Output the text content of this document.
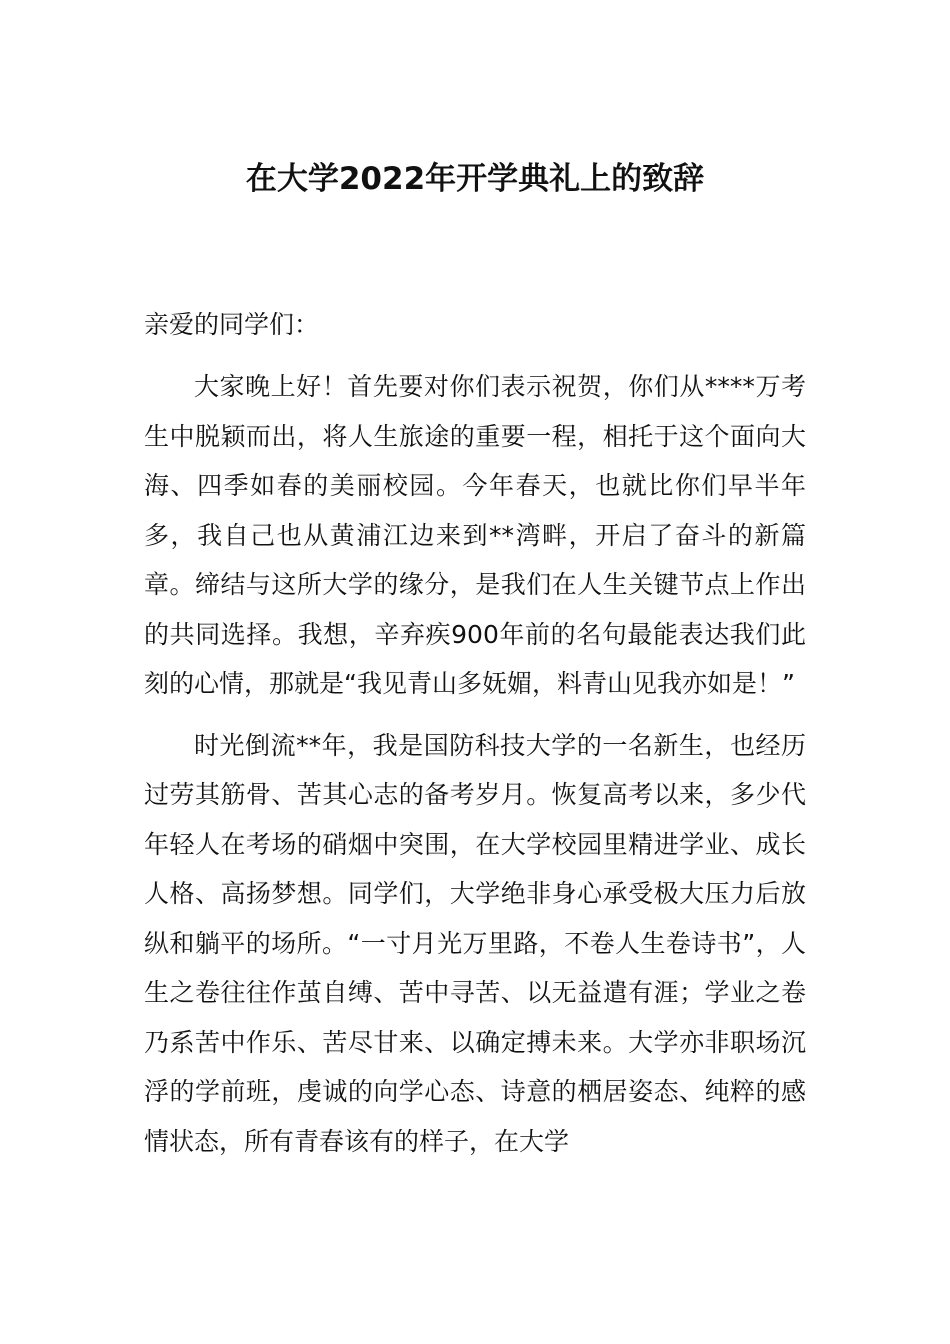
在大学2022年开学典礼上的致辞
亲爱的同学们：

大家晚上好！首先要对你们表示祝贺，你们从****万考生中脱颖而出，将人生旅途的重要一程，相托于这个面向大海、四季如春的美丽校园。今年春天，也就比你们早半年多，我自己也从黄浦江边来到**湾畔，开启了奋斗的新篇章。缔结与这所大学的缘分，是我们在人生关键节点上作出的共同选择。我想，辛弃疾900年前的名句最能表达我们此刻的心情，那就是“我见青山多妩媚，料青山见我亦如是！”

时光倒流**年，我是国防科技大学的一名新生，也经历过劳其筋骨、苦其心志的备考岁月。恢复高考以来，多少代年轻人在考场的硝烟中突围，在大学校园里精进学业、成长人格、高扬梦想。同学们，大学绝非身心承受极大压力后放纵和躺平的场所。“一寸月光万里路，不卷人生卷诗书”，人生之卷往往作茧自缚、苦中寻苦、以无益遣有涯；学业之卷乃系苦中作乐、苦尽甘来、以确定搏未来。大学亦非职场沉浮的学前班，虔诚的向学心态、诗意的栖居姿态、纯粹的感情状态，所有青春该有的样子，在大学
